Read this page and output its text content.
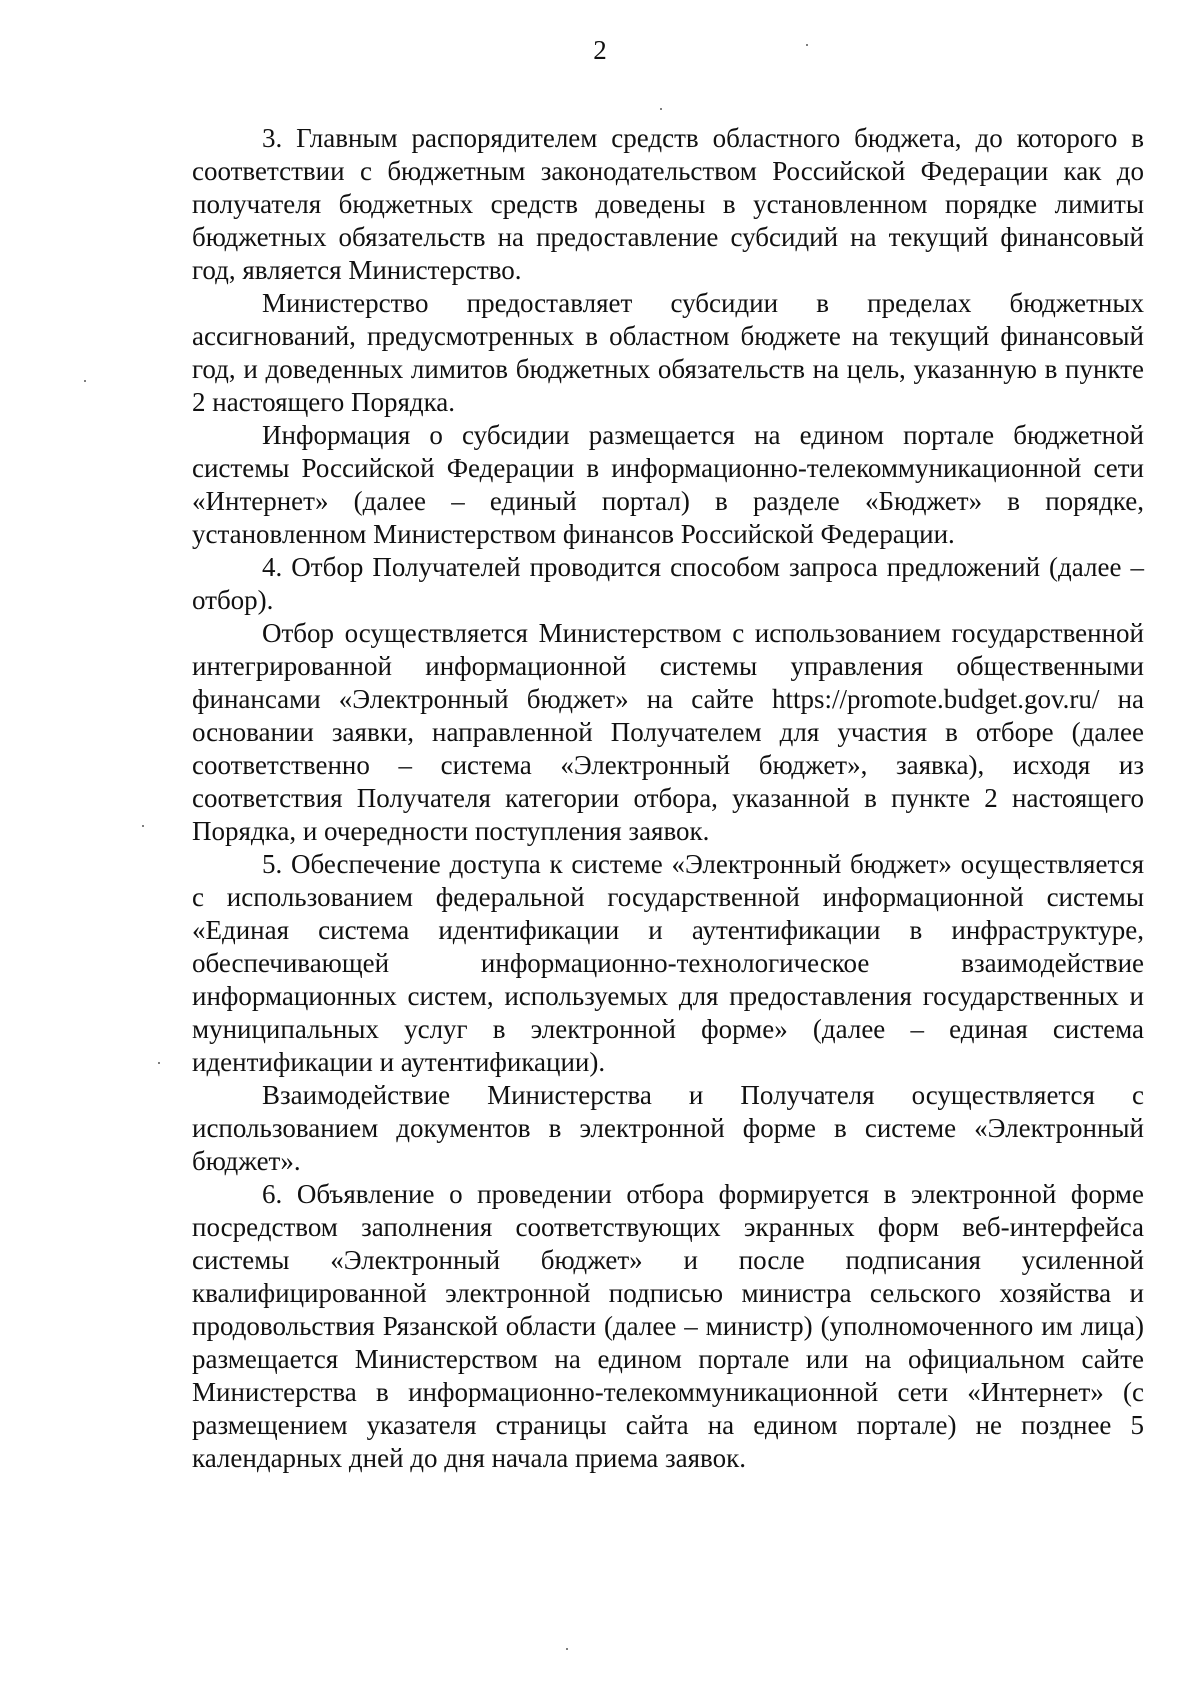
2

3. Главным распорядителем средств областного бюджета, до которого в соответствии с бюджетным законодательством Российской Федерации как до получателя бюджетных средств доведены в установленном порядке лимиты бюджетных обязательств на предоставление субсидий на текущий финансовый год, является Министерство.

Министерство предоставляет субсидии в пределах бюджетных ассигнований, предусмотренных в областном бюджете на текущий финансовый год, и доведенных лимитов бюджетных обязательств на цель, указанную в пункте 2 настоящего Порядка.

Информация о субсидии размещается на едином портале бюджетной системы Российской Федерации в информационно-телекоммуникационной сети «Интернет» (далее – единый портал) в разделе «Бюджет» в порядке, установленном Министерством финансов Российской Федерации.

4. Отбор Получателей проводится способом запроса предложений (далее – отбор).

Отбор осуществляется Министерством с использованием государственной интегрированной информационной системы управления общественными финансами «Электронный бюджет» на сайте https://promote.budget.gov.ru/ на основании заявки, направленной Получателем для участия в отборе (далее соответственно – система «Электронный бюджет», заявка), исходя из соответствия Получателя категории отбора, указанной в пункте 2 настоящего Порядка, и очередности поступления заявок.

5. Обеспечение доступа к системе «Электронный бюджет» осуществляется с использованием федеральной государственной информационной системы «Единая система идентификации и аутентификации в инфраструктуре, обеспечивающей информационно-технологическое взаимодействие информационных систем, используемых для предоставления государственных и муниципальных услуг в электронной форме» (далее – единая система идентификации и аутентификации).

Взаимодействие Министерства и Получателя осуществляется с использованием документов в электронной форме в системе «Электронный бюджет».

6. Объявление о проведении отбора формируется в электронной форме посредством заполнения соответствующих экранных форм веб-интерфейса системы «Электронный бюджет» и после подписания усиленной квалифицированной электронной подписью министра сельского хозяйства и продовольствия Рязанской области (далее – министр) (уполномоченного им лица) размещается Министерством на едином портале или на официальном сайте Министерства в информационно-телекоммуникационной сети «Интернет» (с размещением указателя страницы сайта на едином портале) не позднее 5 календарных дней до дня начала приема заявок.
